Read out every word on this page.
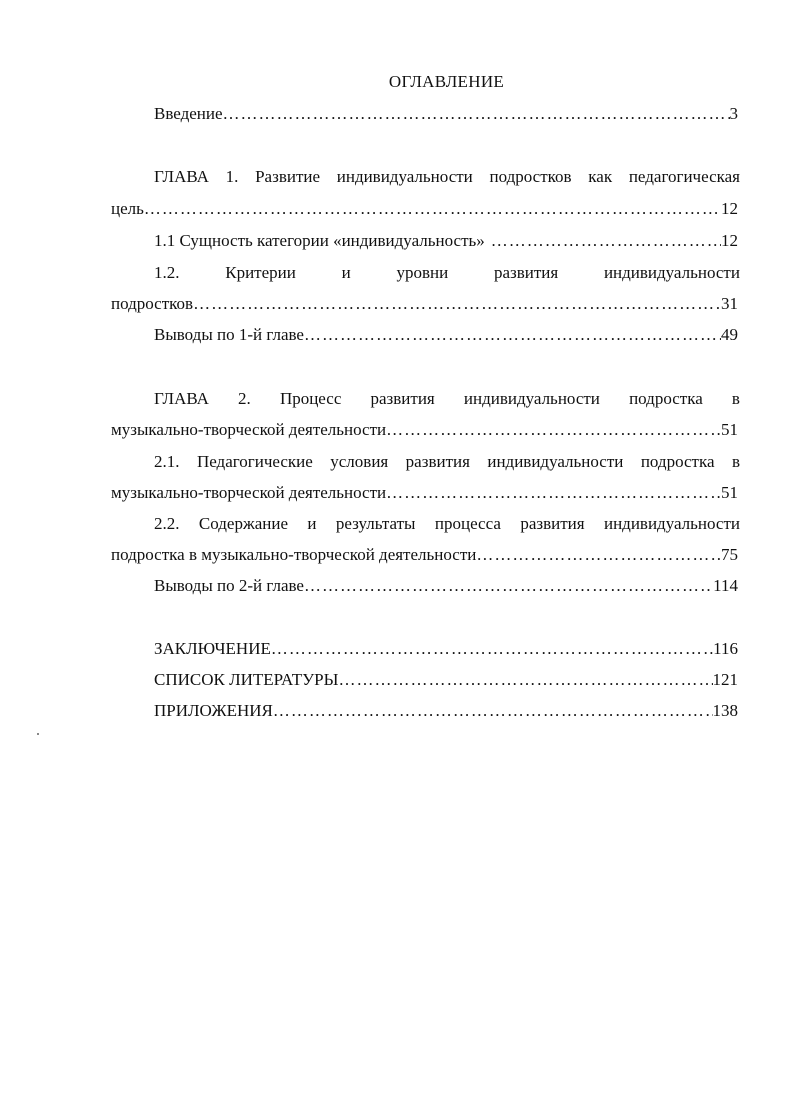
ОГЛАВЛЕНИЕ
Введение …………………………………………………………………………………………………………………………………………………………………………	3
ГЛАВА 1. Развитие индивидуальности подростков как педагогическая
цель …………………………………………………………………………………………………………………………………………………………………………	12
1.1 Сущность категории «индивидуальность» …………………………………………………………………………………………………………………………………………………………………………	12
1.2.	Критерии	и	уровни	развития	индивидуальности
подростков …………………………………………………………………………………………………………………………………………………………………………	31
Выводы по 1-й главе …………………………………………………………………………………………………………………………………………………………………………	49
ГЛАВА 2. Процесс развития индивидуальности подростка в
музыкально-творческой деятельности …………………………………………………………………………………………………………………………………………………………………………	51
2.1. Педагогические условия развития индивидуальности подростка в
музыкально-творческой деятельности …………………………………………………………………………………………………………………………………………………………………………	51
2.2. Содержание и результаты процесса развития индивидуальности
подростка в музыкально-творческой деятельности …………………………………………………………………………………………………………………………………………………………………………	75
Выводы по 2-й главе …………………………………………………………………………………………………………………………………………………………………………	114
ЗАКЛЮЧЕНИЕ …………………………………………………………………………………………………………………………………………………………………………	116
СПИСОК ЛИТЕРАТУРЫ …………………………………………………………………………………………………………………………………………………………………………	121
ПРИЛОЖЕНИЯ …………………………………………………………………………………………………………………………………………………………………………	138
